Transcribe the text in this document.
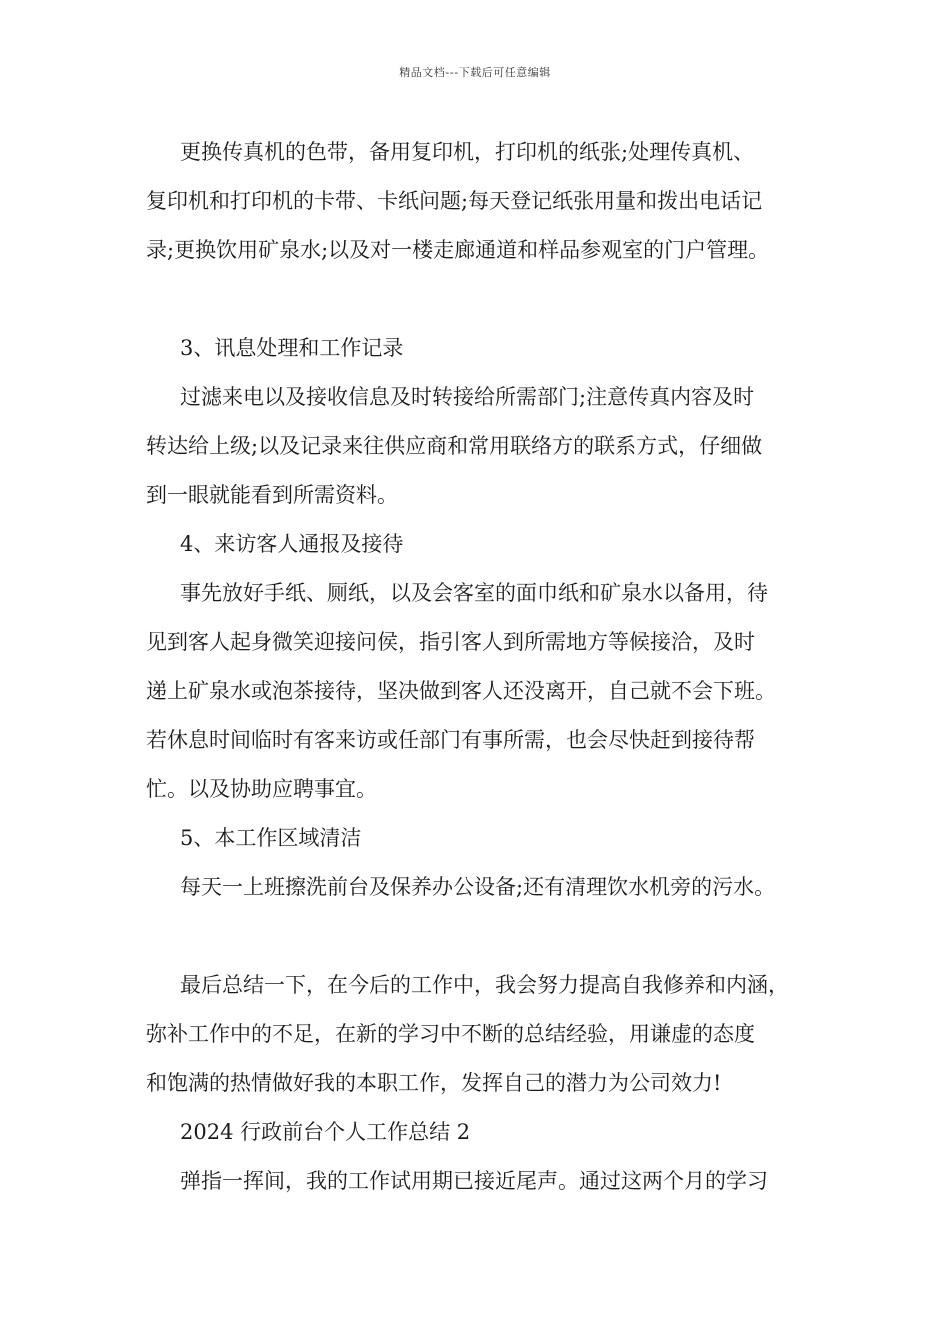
精品文档---下载后可任意编辑
更换传真机的色带，备用复印机，打印机的纸张;处理传真机、
复印机和打印机的卡带、卡纸问题;每天登记纸张用量和拨出电话记
录;更换饮用矿泉水;以及对一楼走廊通道和样品参观室的门户管理。
3、讯息处理和工作记录
过滤来电以及接收信息及时转接给所需部门;注意传真内容及时
转达给上级;以及记录来往供应商和常用联络方的联系方式，仔细做
到一眼就能看到所需资料。
4、来访客人通报及接待
事先放好手纸、厕纸，以及会客室的面巾纸和矿泉水以备用，待
见到客人起身微笑迎接问侯，指引客人到所需地方等候接洽，及时
递上矿泉水或泡茶接待，坚决做到客人还没离开，自己就不会下班。
若休息时间临时有客来访或任部门有事所需，也会尽快赶到接待帮
忙。以及协助应聘事宜。
5、本工作区域清洁
每天一上班擦洗前台及保养办公设备;还有清理饮水机旁的污水。
最后总结一下，在今后的工作中，我会努力提高自我修养和内涵，
弥补工作中的不足，在新的学习中不断的总结经验，用谦虚的态度
和饱满的热情做好我的本职工作，发挥自己的潜力为公司效力!
2024 行政前台个人工作总结 2
弹指一挥间，我的工作试用期已接近尾声。通过这两个月的学习
